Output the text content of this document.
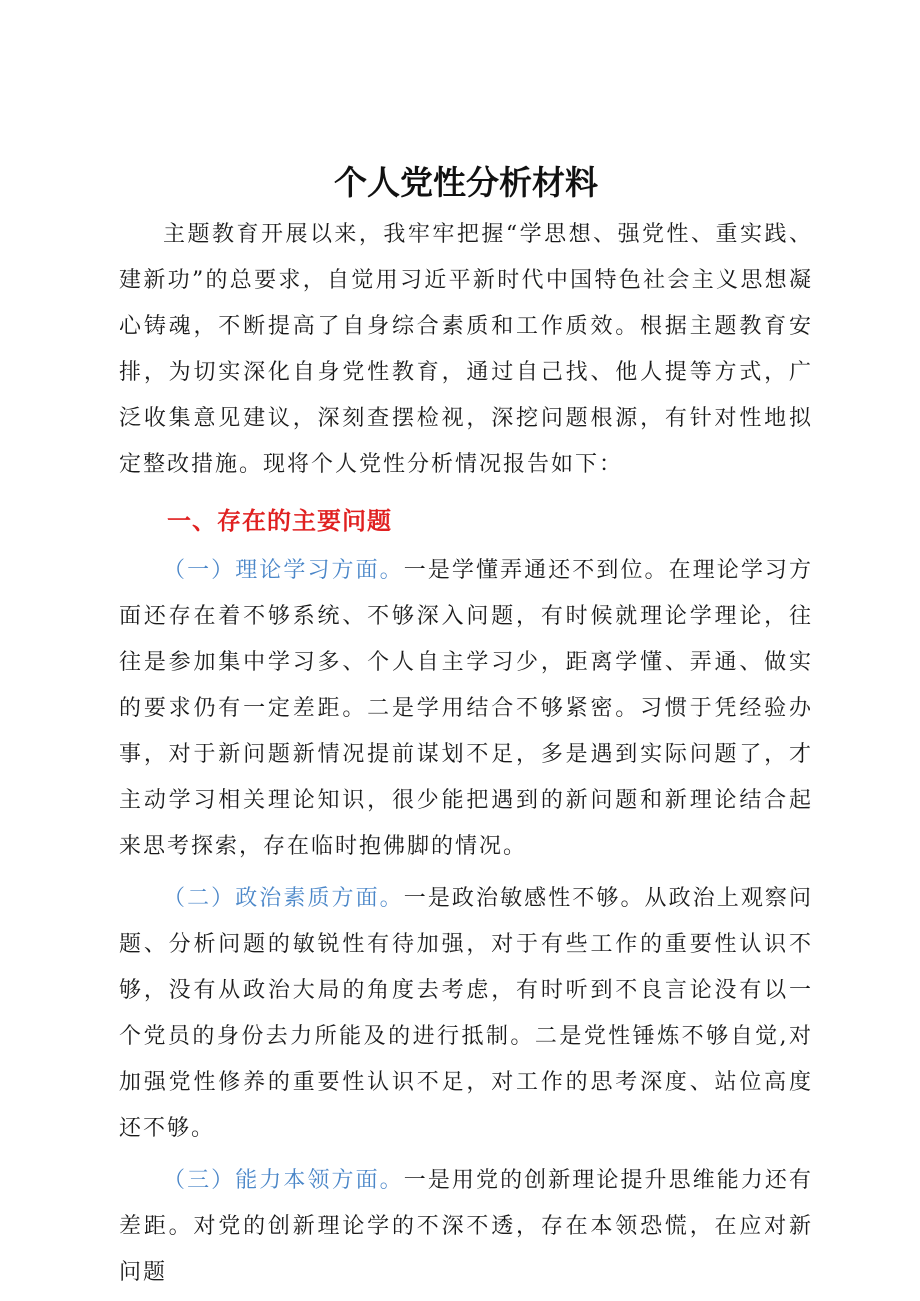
个人党性分析材料

主题教育开展以来，我牢牢把握“学思想、强党性、重实践、建新功”的总要求，自觉用习近平新时代中国特色社会主义思想凝心铸魂，不断提高了自身综合素质和工作质效。根据主题教育安排，为切实深化自身党性教育，通过自己找、他人提等方式，广泛收集意见建议，深刻查摆检视，深挖问题根源，有针对性地拟定整改措施。现将个人党性分析情况报告如下：

一、存在的主要问题

（一）理论学习方面。一是学懂弄通还不到位。在理论学习方面还存在着不够系统、不够深入问题，有时候就理论学理论，往往是参加集中学习多、个人自主学习少，距离学懂、弄通、做实的要求仍有一定差距。二是学用结合不够紧密。习惯于凭经验办事，对于新问题新情况提前谋划不足，多是遇到实际问题了，才主动学习相关理论知识，很少能把遇到的新问题和新理论结合起来思考探索，存在临时抱佛脚的情况。

（二）政治素质方面。一是政治敏感性不够。从政治上观察问题、分析问题的敏锐性有待加强，对于有些工作的重要性认识不够，没有从政治大局的角度去考虑，有时听到不良言论没有以一个党员的身份去力所能及的进行抵制。二是党性锤炼不够自觉,对加强党性修养的重要性认识不足，对工作的思考深度、站位高度还不够。

（三）能力本领方面。一是用党的创新理论提升思维能力还有差距。对党的创新理论学的不深不透，存在本领恐慌，在应对新问题
